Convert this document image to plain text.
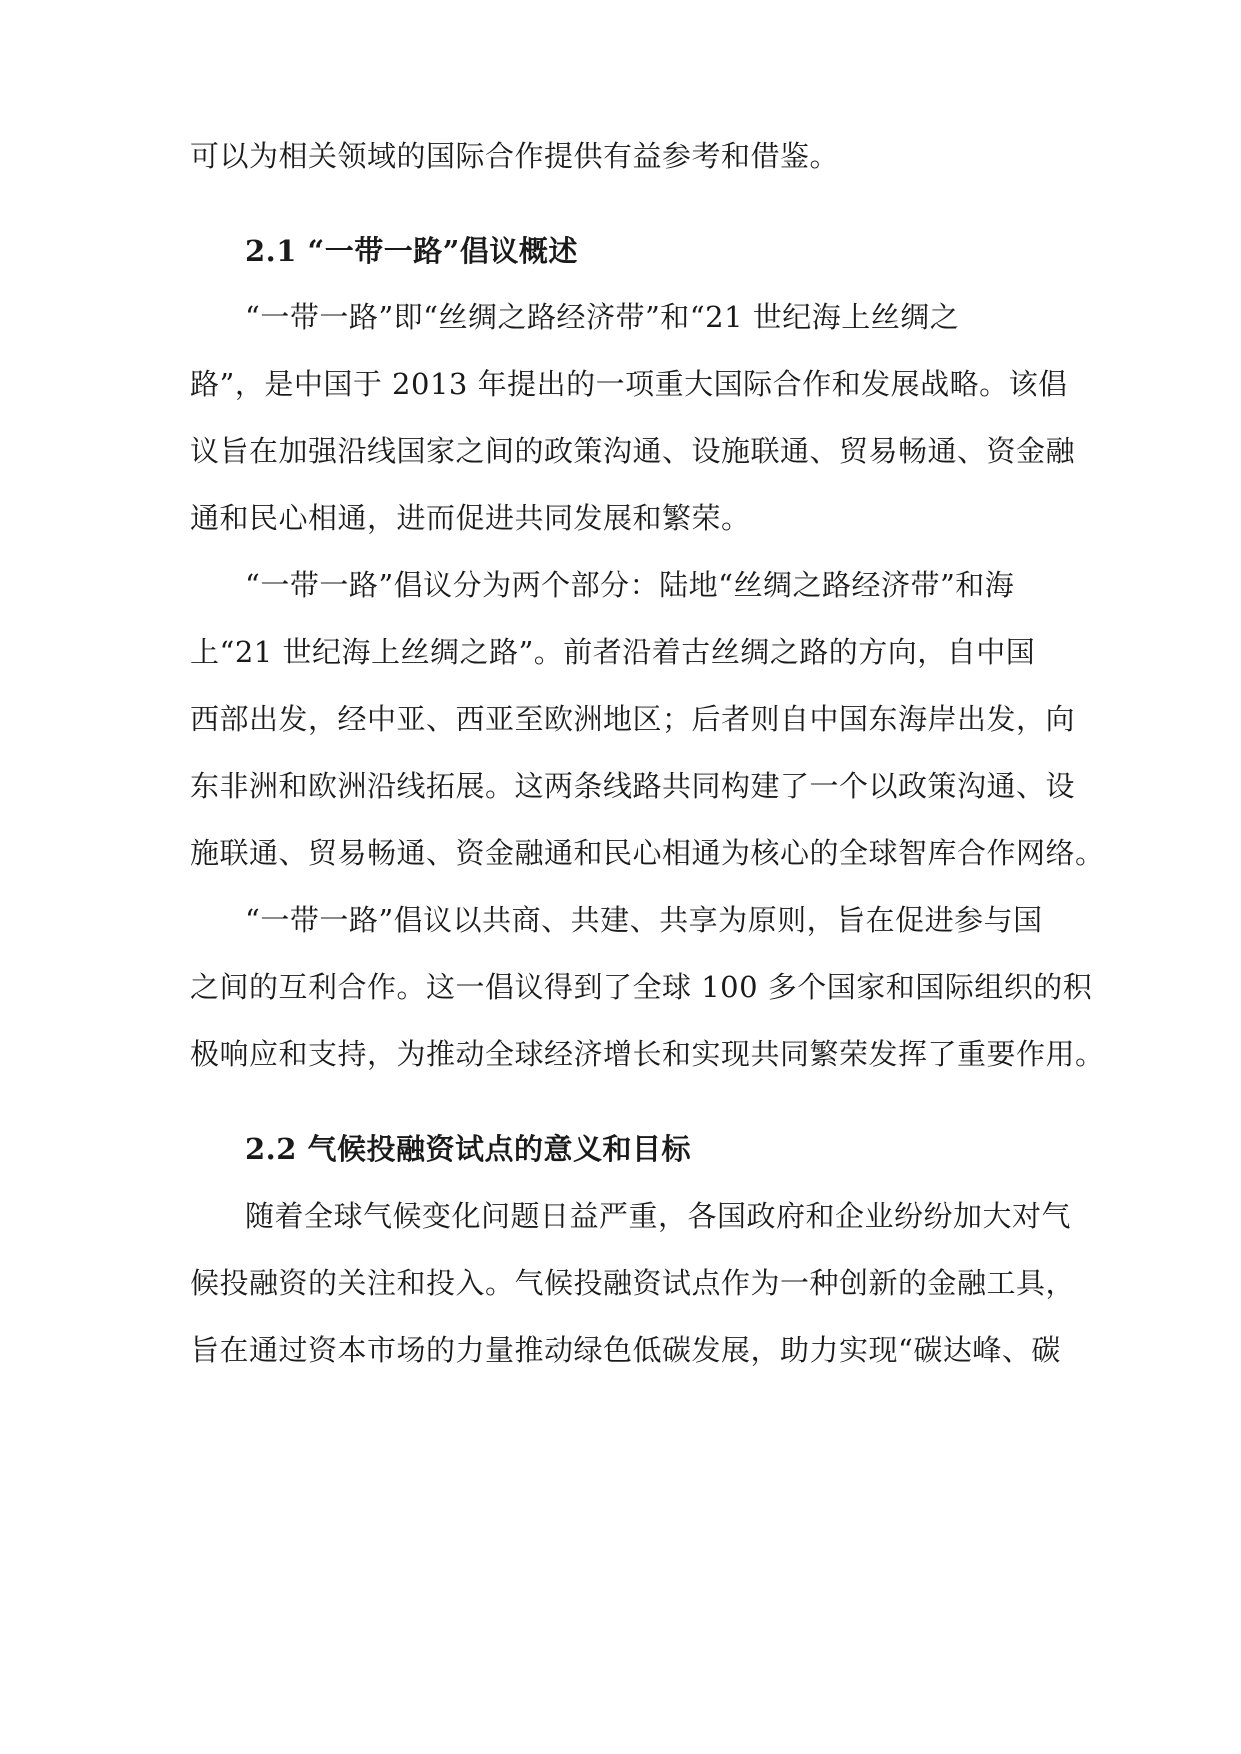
可以为相关领域的国际合作提供有益参考和借鉴。
2.1 “一带一路”倡议概述
“一带一路”即“丝绸之路经济带”和“21 世纪海上丝绸之
路”，是中国于 2013 年提出的一项重大国际合作和发展战略。该倡
议旨在加强沿线国家之间的政策沟通、设施联通、贸易畅通、资金融
通和民心相通，进而促进共同发展和繁荣。
“一带一路”倡议分为两个部分：陆地“丝绸之路经济带”和海
上“21 世纪海上丝绸之路”。前者沿着古丝绸之路的方向，自中国
西部出发，经中亚、西亚至欧洲地区；后者则自中国东海岸出发，向
东非洲和欧洲沿线拓展。这两条线路共同构建了一个以政策沟通、设
施联通、贸易畅通、资金融通和民心相通为核心的全球智库合作网络。
“一带一路”倡议以共商、共建、共享为原则，旨在促进参与国
之间的互利合作。这一倡议得到了全球 100 多个国家和国际组织的积
极响应和支持，为推动全球经济增长和实现共同繁荣发挥了重要作用。
2.2 气候投融资试点的意义和目标
随着全球气候变化问题日益严重，各国政府和企业纷纷加大对气
候投融资的关注和投入。气候投融资试点作为一种创新的金融工具，
旨在通过资本市场的力量推动绿色低碳发展，助力实现“碳达峰、碳
